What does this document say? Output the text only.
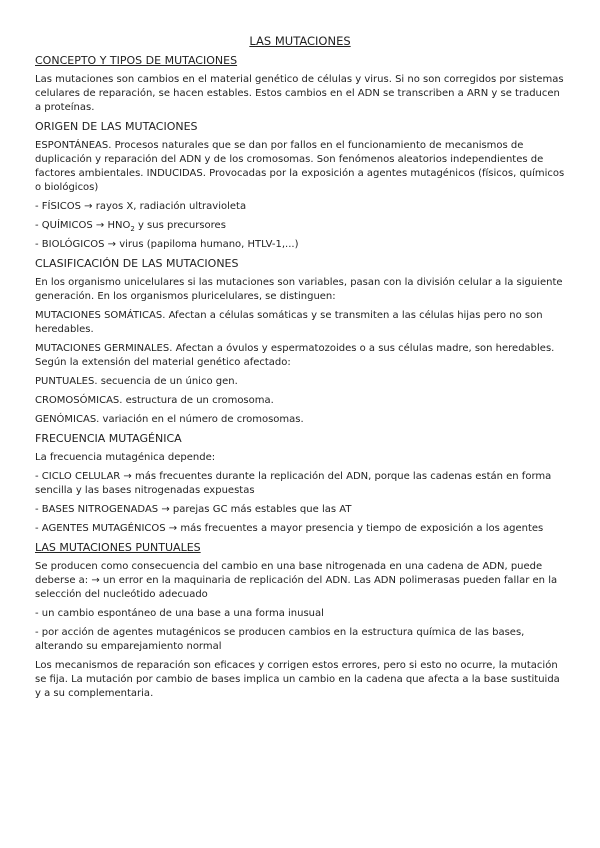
LAS MUTACIONES
CONCEPTO Y TIPOS DE MUTACIONES
Las mutaciones son cambios en el material genético de células y virus. Si no son corregidos por sistemas celulares de reparación, se hacen estables. Estos cambios en el ADN se transcriben a ARN y se traducen a proteínas.
ORIGEN DE LAS MUTACIONES
ESPONTÁNEAS. Procesos naturales que se dan por fallos en el funcionamiento de mecanismos de duplicación y reparación del ADN y de los cromosomas. Son fenómenos aleatorios independientes de factores ambientales. INDUCIDAS. Provocadas por la exposición a agentes mutagénicos (físicos, químicos o biológicos)
- FÍSICOS → rayos X, radiación ultravioleta
- QUÍMICOS → $HNO_2$ y sus precursores
- BIOLÓGICOS → virus (papiloma humano, HTLV-1,...)
CLASIFICACIÓN DE LAS MUTACIONES
En los organismo unicelulares si las mutaciones son variables, pasan con la división celular a la siguiente generación. En los organismos pluricelulares, se distinguen:
MUTACIONES SOMÁTICAS. Afectan a células somáticas y se transmiten a las células hijas pero no son heredables.
MUTACIONES GERMINALES. Afectan a óvulos y espermatozoides o a sus células madre, son heredables. Según la extensión del material genético afectado:
PUNTUALES. secuencia de un único gen.
CROMOSÓMICAS. estructura de un cromosoma.
GENÓMICAS. variación en el número de cromosomas.
FRECUENCIA MUTAGÉNICA
La frecuencia mutagénica depende:
- CICLO CELULAR → más frecuentes durante la replicación del ADN, porque las cadenas están en forma sencilla y las bases nitrogenadas expuestas
- BASES NITROGENADAS → parejas GC más estables que las AT
- AGENTES MUTAGÉNICOS → más frecuentes a mayor presencia y tiempo de exposición a los agentes
LAS MUTACIONES PUNTUALES
Se producen como consecuencia del cambio en una base nitrogenada en una cadena de ADN, puede deberse a: → un error en la maquinaria de replicación del ADN. Las ADN polimerasas pueden fallar en la selección del nucleótido adecuado
- un cambio espontáneo de una base a una forma inusual
- por acción de agentes mutagénicos se producen cambios en la estructura química de las bases, alterando su emparejamiento normal
Los mecanismos de reparación son eficaces y corrigen estos errores, pero si esto no ocurre, la mutación se fija. La mutación por cambio de bases implica un cambio en la cadena que afecta a la base sustituida y a su complementaria.
